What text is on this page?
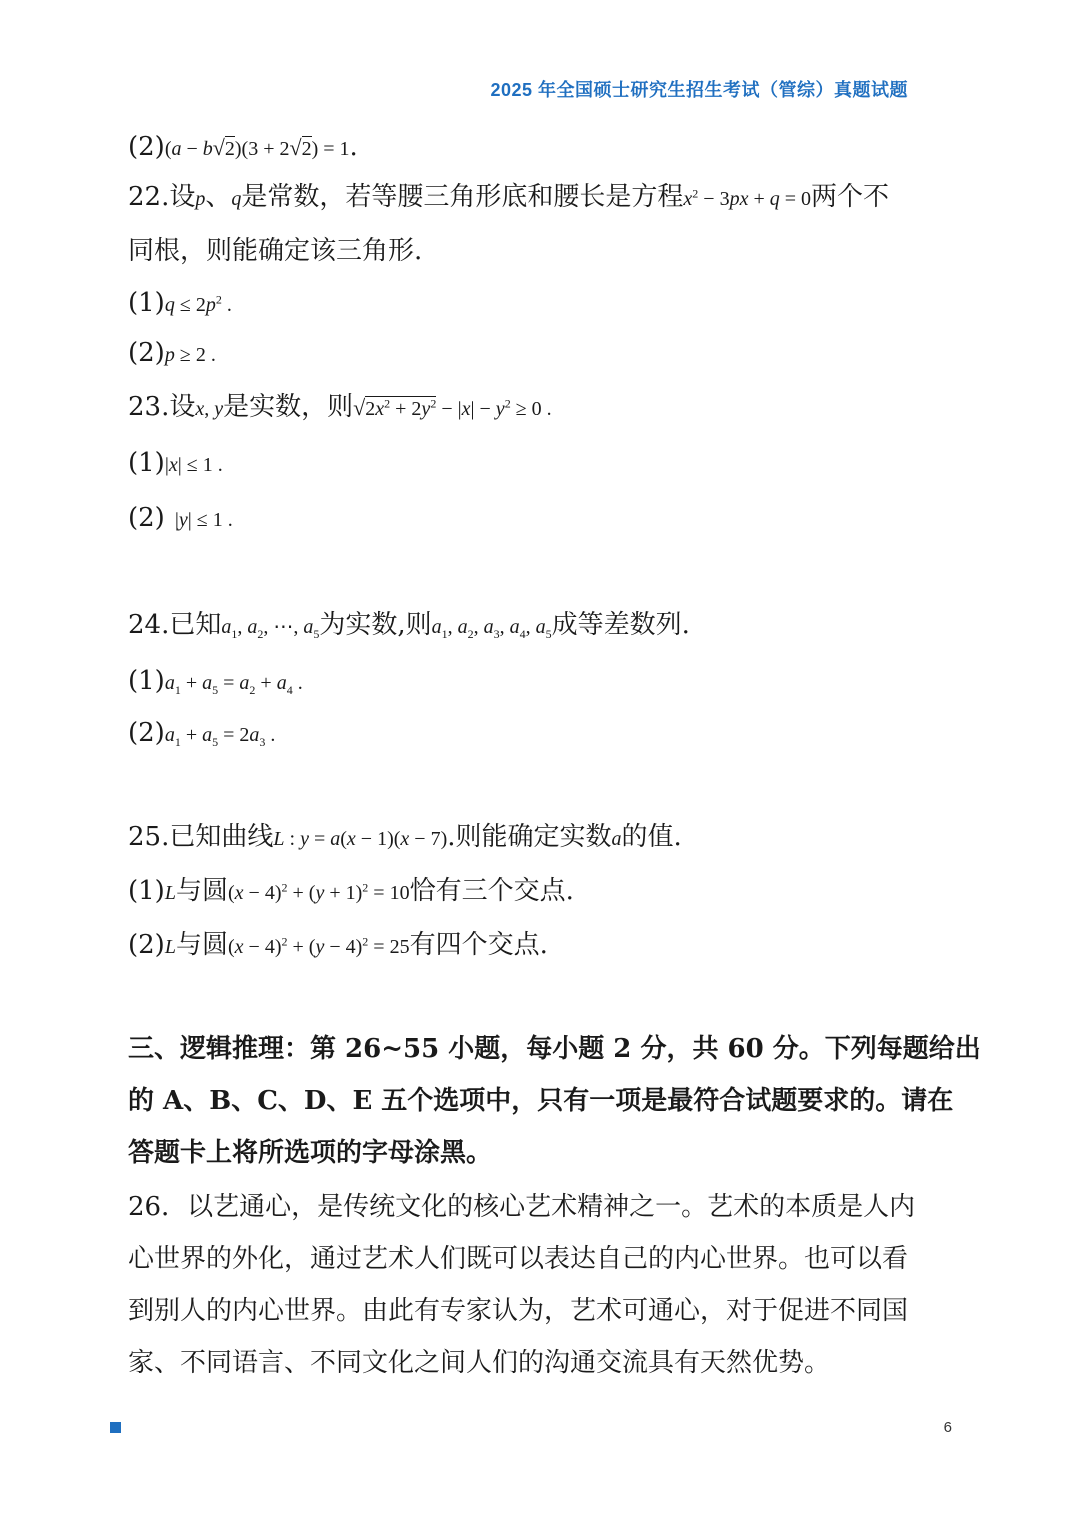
2025 年全国硕士研究生招生考试（管综）真题试题
(2)(a − b√2)(3 + 2√2) = 1.
22.设p、q是常数，若等腰三角形底和腰长是方程$x^2 - 3px + q = 0$两个不
同根，则能确定该三角形.
$(1)q \le 2p^2$ .
(2)p ≥ 2 .
23.设x, y是实数，则$√2x^2 + 2y^2 - |x| - y^2 \ge 0$ .
(1)|x| ≤ 1 .
(2)  |y| ≤ 1 .
24.已知$a_1$, $a_2$, ⋯, $a_5$为实数,则$a_1$, $a_2$, $a_3$, $a_4$, $a_5$成等差数列.
$(1)a_1 + a_5 = a_2 + a_4$ .
$(2)a_1 + a_5 = 2a_3$ .
25.已知曲线L : y = a(x − 1)(x − 7).则能确定实数a的值.
(1)L与圆$(x - 4)^2 + (y + 1)^2 = 10$恰有三个交点.
(2)L与圆$(x - 4)^2 + (y - 4)^2 = 25$有四个交点.
三、逻辑推理：第 26~55 小题，每小题 2 分，共 60 分。下列每题给出
的 A、B、C、D、E 五个选项中，只有一项是最符合试题要求的。请在
答题卡上将所选项的字母涂黑。
26．以艺通心，是传统文化的核心艺术精神之一。艺术的本质是人内
心世界的外化，通过艺术人们既可以表达自己的内心世界。也可以看
到别人的内心世界。由此有专家认为，艺术可通心，对于促进不同国
家、不同语言、不同文化之间人们的沟通交流具有天然优势。
6
